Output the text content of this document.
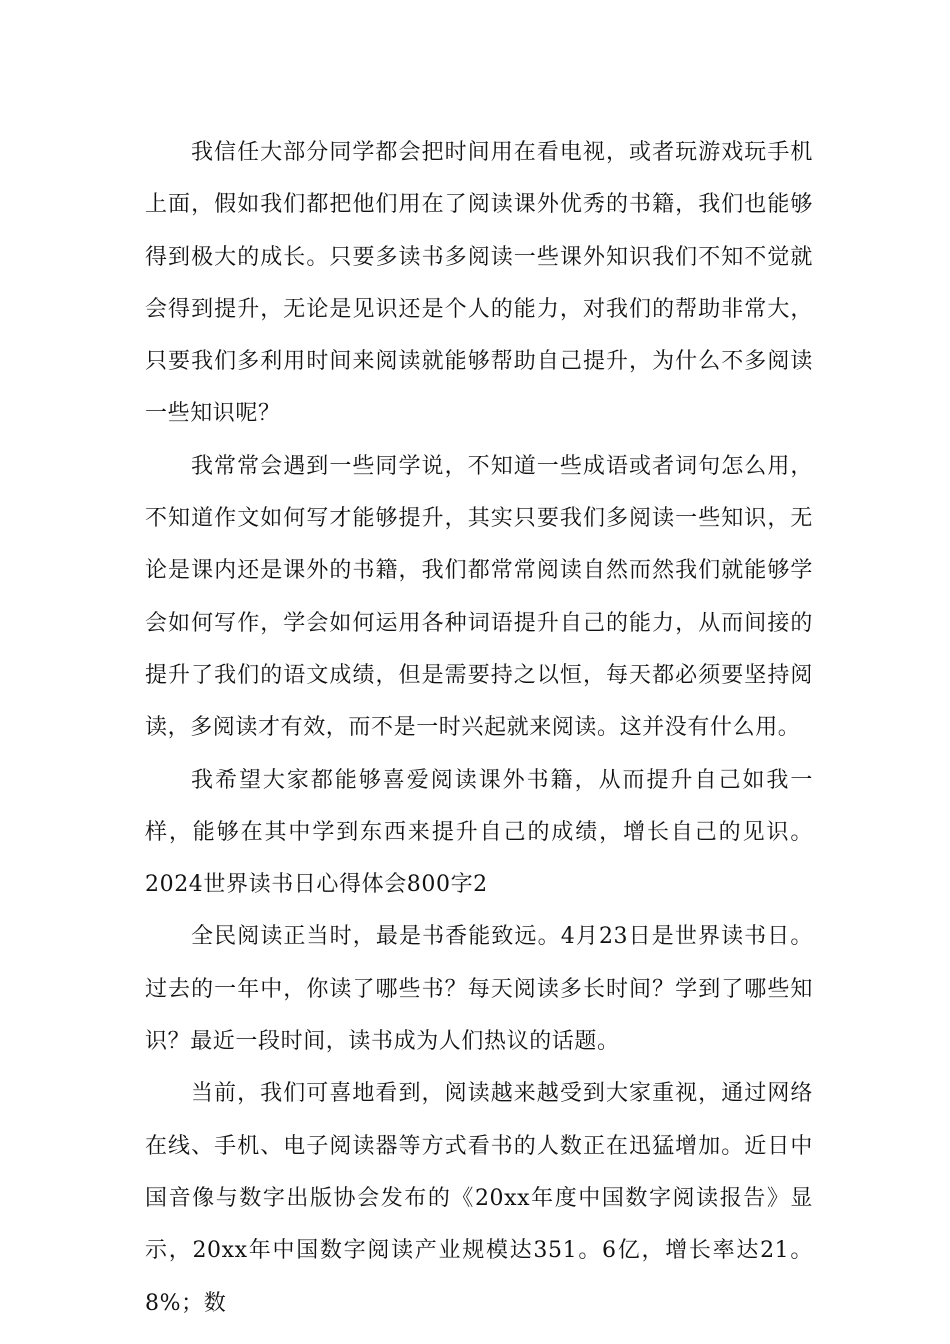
我信任大部分同学都会把时间用在看电视，或者玩游戏玩手机上面，假如我们都把他们用在了阅读课外优秀的书籍，我们也能够得到极大的成长。只要多读书多阅读一些课外知识我们不知不觉就会得到提升，无论是见识还是个人的能力，对我们的帮助非常大，只要我们多利用时间来阅读就能够帮助自己提升，为什么不多阅读一些知识呢？

我常常会遇到一些同学说，不知道一些成语或者词句怎么用，不知道作文如何写才能够提升，其实只要我们多阅读一些知识，无论是课内还是课外的书籍，我们都常常阅读自然而然我们就能够学会如何写作，学会如何运用各种词语提升自己的能力，从而间接的提升了我们的语文成绩，但是需要持之以恒，每天都必须要坚持阅读，多阅读才有效，而不是一时兴起就来阅读。这并没有什么用。

我希望大家都能够喜爱阅读课外书籍，从而提升自己如我一样，能够在其中学到东西来提升自己的成绩，增长自己的见识。2024世界读书日心得体会800字2

全民阅读正当时，最是书香能致远。4月23日是世界读书日。过去的一年中，你读了哪些书？每天阅读多长时间？学到了哪些知识？最近一段时间，读书成为人们热议的话题。

当前，我们可喜地看到，阅读越来越受到大家重视，通过网络在线、手机、电子阅读器等方式看书的人数正在迅猛增加。近日中国音像与数字出版协会发布的《20xx年度中国数字阅读报告》显示，20xx年中国数字阅读产业规模达351。6亿，增长率达21。8%；数
